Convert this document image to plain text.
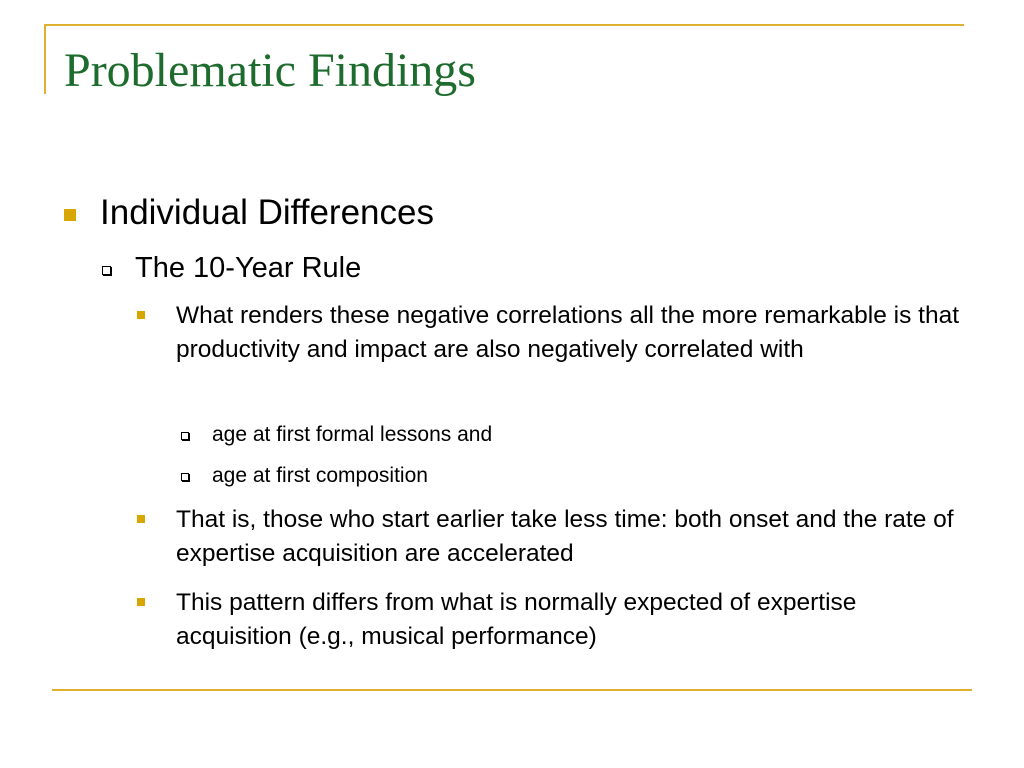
Problematic Findings
Individual Differences
The 10-Year Rule
What renders these negative correlations all the more remarkable is that productivity and impact are also negatively correlated with
age at first formal lessons and
age at first composition
That is, those who start earlier take less time: both onset and the rate of expertise acquisition are accelerated
This pattern differs from what is normally expected of expertise acquisition (e.g., musical performance)
